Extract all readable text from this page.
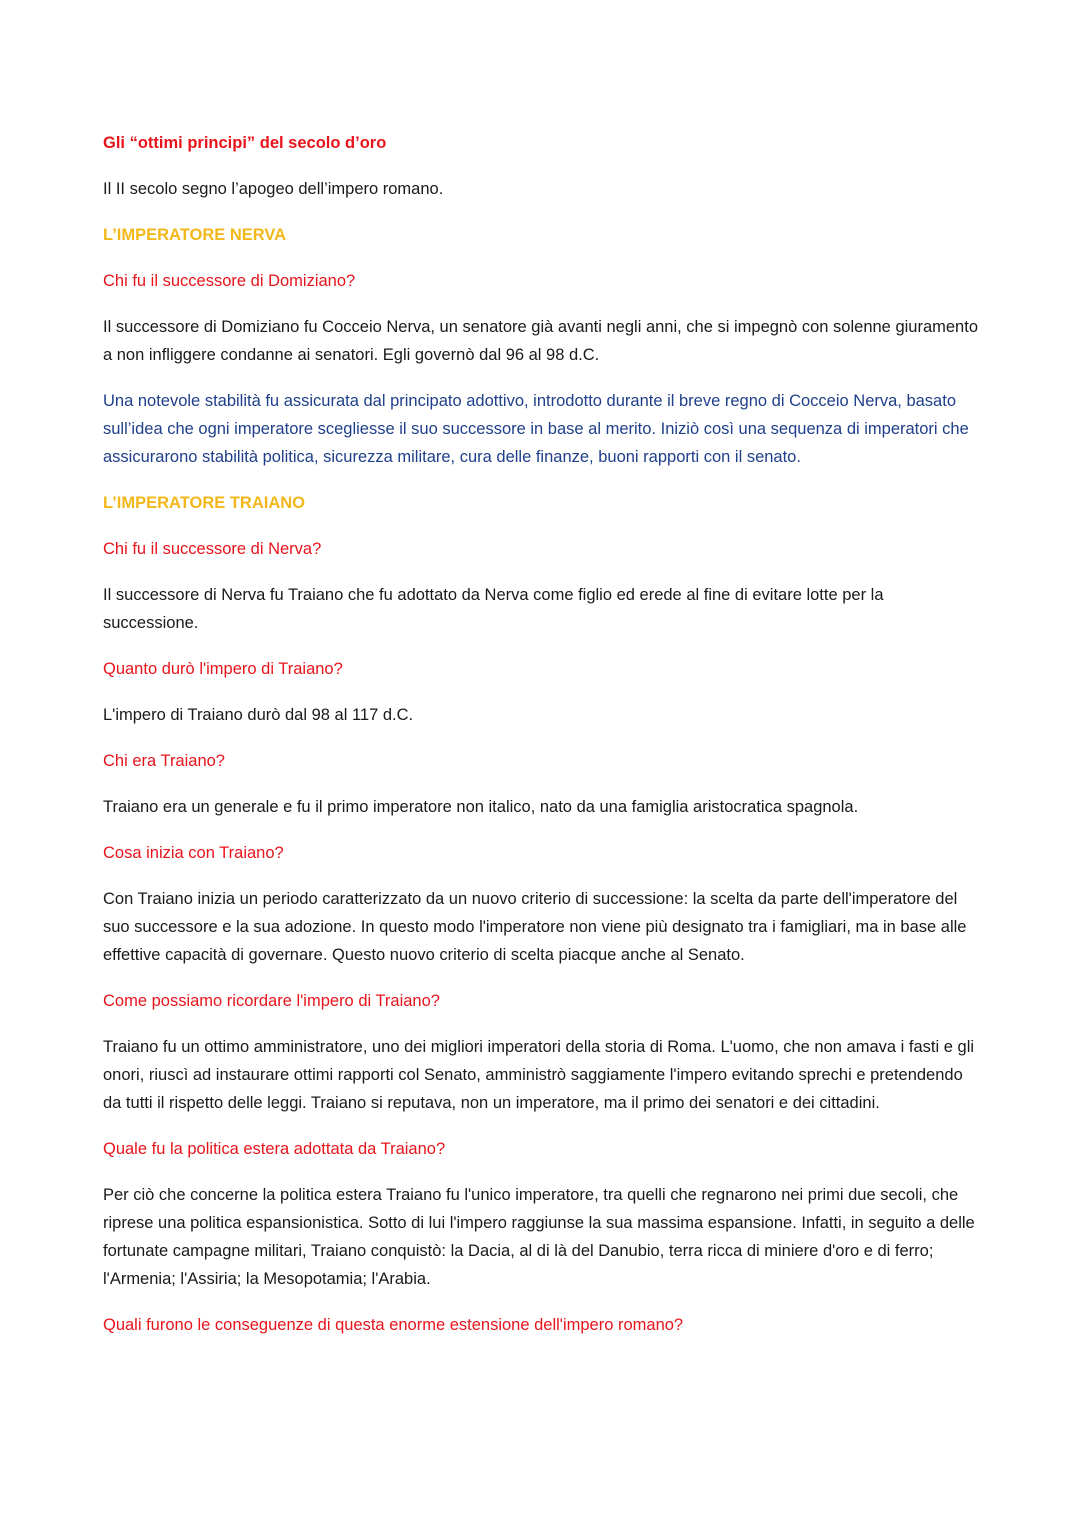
Gli “ottimi principi” del secolo d’oro

Il II secolo segno l’apogeo dell’impero romano.

L’IMPERATORE NERVA

Chi fu il successore di Domiziano?

Il successore di Domiziano fu Cocceio Nerva, un senatore già avanti negli anni, che si impegnò con solenne giuramento a non infliggere condanne ai senatori. Egli governò dal 96 al 98 d.C.

Una notevole stabilità fu assicurata dal principato adottivo, introdotto durante il breve regno di Cocceio Nerva, basato sull’idea che ogni imperatore scegliesse il suo successore in base al merito. Iniziò così una sequenza di imperatori che assicurarono stabilità politica, sicurezza militare, cura delle finanze, buoni rapporti con il senato.

L’IMPERATORE TRAIANO

Chi fu il successore di Nerva?

Il successore di Nerva fu Traiano che fu adottato da Nerva come figlio ed erede al fine di evitare lotte per la successione.

Quanto durò l'impero di Traiano?

L'impero di Traiano durò dal 98 al 117 d.C.

Chi era Traiano?

Traiano era un generale e fu il primo imperatore non italico, nato da una famiglia aristocratica spagnola.

Cosa inizia con Traiano?

Con Traiano inizia un periodo caratterizzato da un nuovo criterio di successione: la scelta da parte dell'imperatore del suo successore e la sua adozione. In questo modo l'imperatore non viene più designato tra i famigliari, ma in base alle effettive capacità di governare. Questo nuovo criterio di scelta piacque anche al Senato.

Come possiamo ricordare l'impero di Traiano?

Traiano fu un ottimo amministratore, uno dei migliori imperatori della storia di Roma. L'uomo, che non amava i fasti e gli onori, riuscì ad instaurare ottimi rapporti col Senato, amministrò saggiamente l'impero evitando sprechi e pretendendo da tutti il rispetto delle leggi. Traiano si reputava, non un imperatore, ma il primo dei senatori e dei cittadini.

Quale fu la politica estera adottata da Traiano?

Per ciò che concerne la politica estera Traiano fu l'unico imperatore, tra quelli che regnarono nei primi due secoli, che riprese una politica espansionistica. Sotto di lui l'impero raggiunse la sua massima espansione. Infatti, in seguito a delle fortunate campagne militari, Traiano conquistò: la Dacia, al di là del Danubio, terra ricca di miniere d'oro e di ferro; l'Armenia; l'Assiria; la Mesopotamia; l'Arabia.

Quali furono le conseguenze di questa enorme estensione dell'impero romano?
